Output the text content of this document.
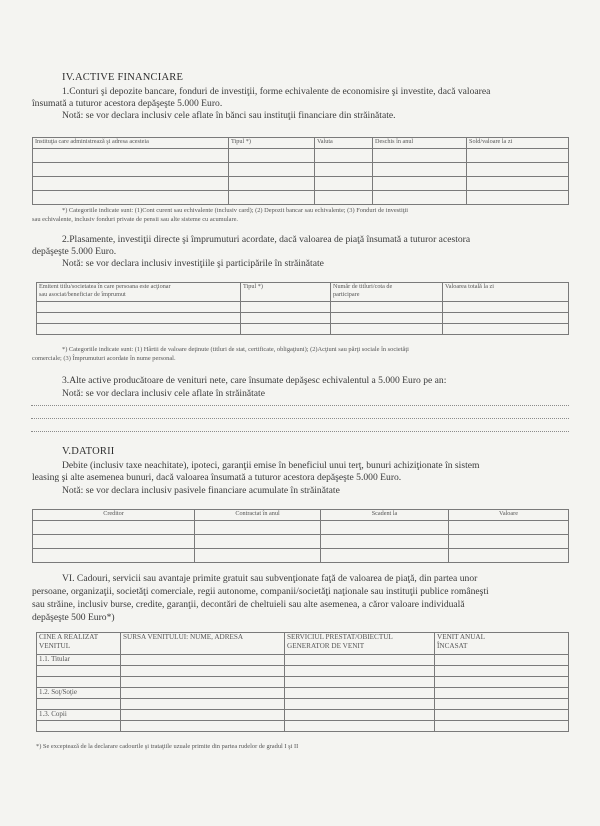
IV.ACTIVE FINANCIARE
1.Conturi şi depozite bancare, fonduri de investiţii, forme echivalente de economisire şi investite, dacă valoarea
însumată a tuturor acestora depăşeşte 5.000 Euro.
Notă: se vor declara inclusiv cele aflate în bănci sau instituţii financiare din străinătate.
Instituţia care administrează şi adresa acesteia	Tipul *)	Valuta	Deschis în anul	Sold/valoare la zi

*) Categoriile indicate sunt: (1)Cont curent sau echivalente (inclusiv card); (2) Depozit bancar sau echivalente; (3) Fonduri de investiţii
sau echivalente, inclusiv fonduri private de pensii sau alte sisteme cu acumulare.
2.Plasamente, investiţii directe şi împrumuturi acordate, dacă valoarea de piaţă însumată a tuturor acestora
depăşeşte 5.000 Euro.
Notă: se vor declara inclusiv investiţiile şi participările în străinătate
Emitent titlu/societatea în care persoana este acţionar
sau asociat/beneficiar de împrumut	Tipul *)	Număr de titluri/cota de
participare	Valoarea totală la zi

*) Categoriile indicate sunt: (1) Hârtii de valoare deţinute (titluri de stat, certificate, obligaţiuni); (2)Acţiuni sau părţi sociale în societăţi
comerciale; (3) Împrumuturi acordate în nume personal.
3.Alte active producătoare de venituri nete, care însumate depăşesc echivalentul a 5.000 Euro pe an:
Notă: se vor declara inclusiv cele aflate în străinătate
V.DATORII
Debite (inclusiv taxe neachitate), ipoteci, garanţii emise în beneficiul unui terţ, bunuri achiziţionate în sistem
leasing şi alte asemenea bunuri, dacă valoarea însumată a tuturor acestora depăşeşte 5.000 Euro.
Notă: se vor declara inclusiv pasivele financiare acumulate în străinătate
Creditor	Contractat în anul	Scadent la	Valoare

VI. Cadouri, servicii sau avantaje primite gratuit sau subvenţionate faţă de valoarea de piaţă, din partea unor
persoane, organizaţii, societăţi comerciale, regii autonome, companii/societăţi naţionale sau instituţii publice româneşti
sau străine, inclusiv burse, credite, garanţii, decontări de cheltuieli sau alte asemenea, a căror valoare individuală
depăşeşte 500 Euro*)
CINE A REALIZAT
VENITUL	SURSA VENITULUI: NUME, ADRESA	SERVICIUL PRESTAT/OBIECTUL
GENERATOR DE VENIT	VENIT ANUAL
ÎNCASAT
1.1. Titular			

1.2. Soţ/Soţie			

1.3. Copii			

*) Se exceptează de la declarare cadourile şi trataţiile uzuale primite din partea rudelor de gradul I şi II
